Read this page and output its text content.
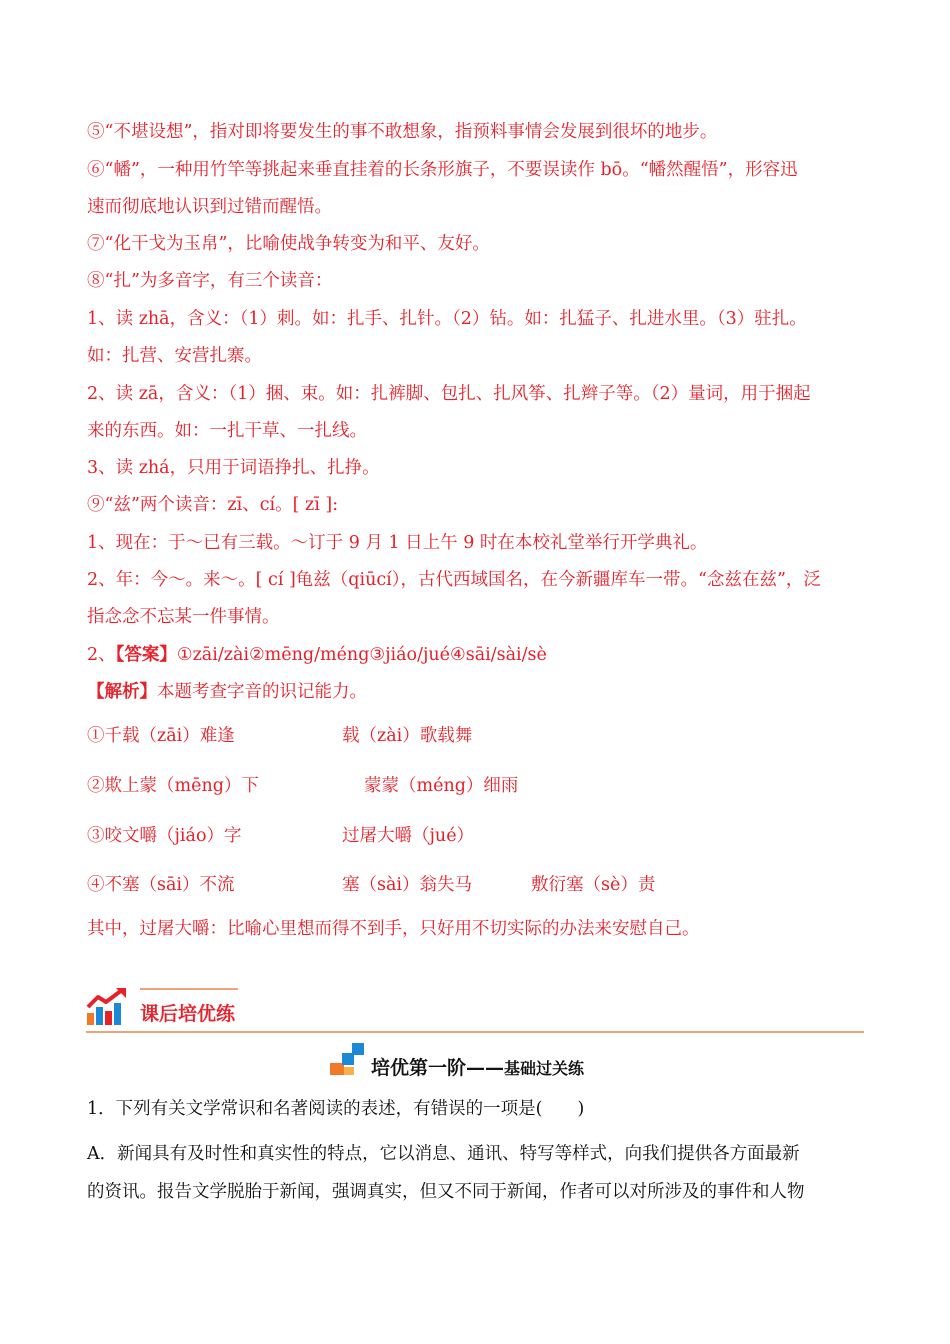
⑤“不堪设想”，指对即将要发生的事不敢想象，指预料事情会发展到很坏的地步。
⑥“幡”，一种用竹竿等挑起来垂直挂着的长条形旗子，不要误读作 bō。“幡然醒悟”，形容迅
速而彻底地认识到过错而醒悟。
⑦“化干戈为玉帛”，比喻使战争转变为和平、友好。
⑧“扎”为多音字，有三个读音：
1、读 zhā，含义：（1）刺。如：扎手、扎针。（2）钻。如：扎猛子、扎进水里。（3）驻扎。
如：扎营、安营扎寨。
2、读 zā，含义：（1）捆、束。如：扎裤脚、包扎、扎风筝、扎辫子等。（2）量词，用于捆起
来的东西。如：一扎干草、一扎线。
3、读 zhá，只用于词语挣扎、扎挣。
⑨“兹”两个读音：zī、cí。[ zī ]:
1、现在：于～已有三载。～订于 9 月 1 日上午 9 时在本校礼堂举行开学典礼。
2、年：今～。来～。[ cí ]龟兹（qiūcí），古代西域国名，在今新疆库车一带。“念兹在兹”，泛
指念念不忘某一件事情。
2、【答案】①zāi/zài②mēng/méng③jiáo/jué④sāi/sài/sè
【解析】本题考查字音的识记能力。
①千载（zāi）难逢	载（zài）歌载舞
②欺上蒙（mēng）下	蒙蒙（méng）细雨
③咬文嚼（jiáo）字	过屠大嚼（jué）
④不塞（sāi）不流	塞（sài）翁失马	敷衍塞（sè）责
其中，过屠大嚼：比喻心里想而得不到手，只好用不切实际的办法来安慰自己。
课后培优练
培优第一阶——基础过关练
1．下列有关文学常识和名著阅读的表述，有错误的一项是(　　)
A．新闻具有及时性和真实性的特点，它以消息、通讯、特写等样式，向我们提供各方面最新
的资讯。报告文学脱胎于新闻，强调真实，但又不同于新闻，作者可以对所涉及的事件和人物
